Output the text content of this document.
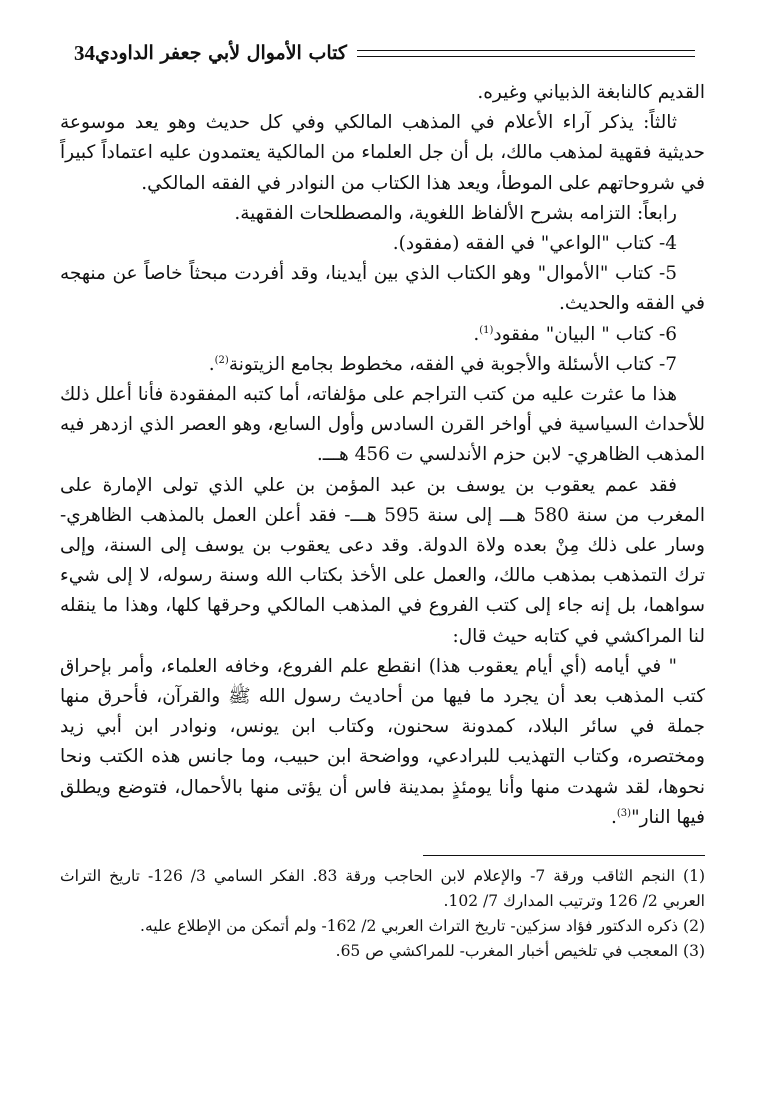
34 كتاب الأموال لأبي جعفر الداودي

القديم كالنابغة الذبياني وغيره.

ثالثاً: يذكر آراء الأعلام في المذهب المالكي وفي كل حديث وهو يعد موسوعة حديثية فقهية لمذهب مالك، بل أن جل العلماء من المالكية يعتمدون عليه اعتماداً كبيراً في شروحاتهم على الموطأ، ويعد هذا الكتاب من النوادر في الفقه المالكي.

رابعاً: التزامه بشرح الألفاظ اللغوية، والمصطلحات الفقهية.

4- كتاب "الواعي" في الفقه (مفقود).

5- كتاب "الأموال" وهو الكتاب الذي بين أيدينا، وقد أفردت مبحثاً خاصاً عن منهجه في الفقه والحديث.

6- كتاب " البيان" مفقود$^{(1)}$.

7- كتاب الأسئلة والأجوبة في الفقه، مخطوط بجامع الزيتونة$^{(2)}$.

هذا ما عثرت عليه من كتب التراجم على مؤلفاته، أما كتبه المفقودة فأنا أعلل ذلك للأحداث السياسية في أواخر القرن السادس وأول السابع، وهو العصر الذي ازدهر فيه المذهب الظاهري- لابن حزم الأندلسي ت 456 هـــ.

فقد عمم يعقوب بن يوسف بن عبد المؤمن بن علي الذي تولى الإمارة على المغرب من سنة 580 هـــ إلى سنة 595 هـــ- فقد أعلن العمل بالمذهب الظاهري- وسار على ذلك مِنْ بعده ولاة الدولة. وقد دعى يعقوب بن يوسف إلى السنة، وإلى ترك التمذهب بمذهب مالك، والعمل على الأخذ بكتاب الله وسنة رسوله، لا إلى شيء سواهما، بل إنه جاء إلى كتب الفروع في المذهب المالكي وحرقها كلها، وهذا ما ينقله لنا المراكشي في كتابه حيث قال:

" في أيامه (أي أيام يعقوب هذا) انقطع علم الفروع، وخافه العلماء، وأمر بإحراق كتب المذهب بعد أن يجرد ما فيها من أحاديث رسول الله ﷺ والقرآن، فأحرق منها جملة في سائر البلاد، كمدونة سحنون، وكتاب ابن يونس، ونوادر ابن أبي زيد ومختصره، وكتاب التهذيب للبرادعي، وواضحة ابن حبيب، وما جانس هذه الكتب ونحا نحوها، لقد شهدت منها وأنا يومئذٍ بمدينة فاس أن يؤتى منها بالأحمال، فتوضع ويطلق فيها النار"$^{(3)}$.

(1) النجم الثاقب ورقة 7- والإعلام لابن الحاجب ورقة 83. الفكر السامي 3/ 126- تاريخ التراث العربي 2/ 126 وترتيب المدارك 7/ 102.

(2) ذكره الدكتور فؤاد سزكين- تاريخ التراث العربي 2/ 162- ولم أتمكن من الإطلاع عليه.

(3) المعجب في تلخيص أخبار المغرب- للمراكشي ص 65.
